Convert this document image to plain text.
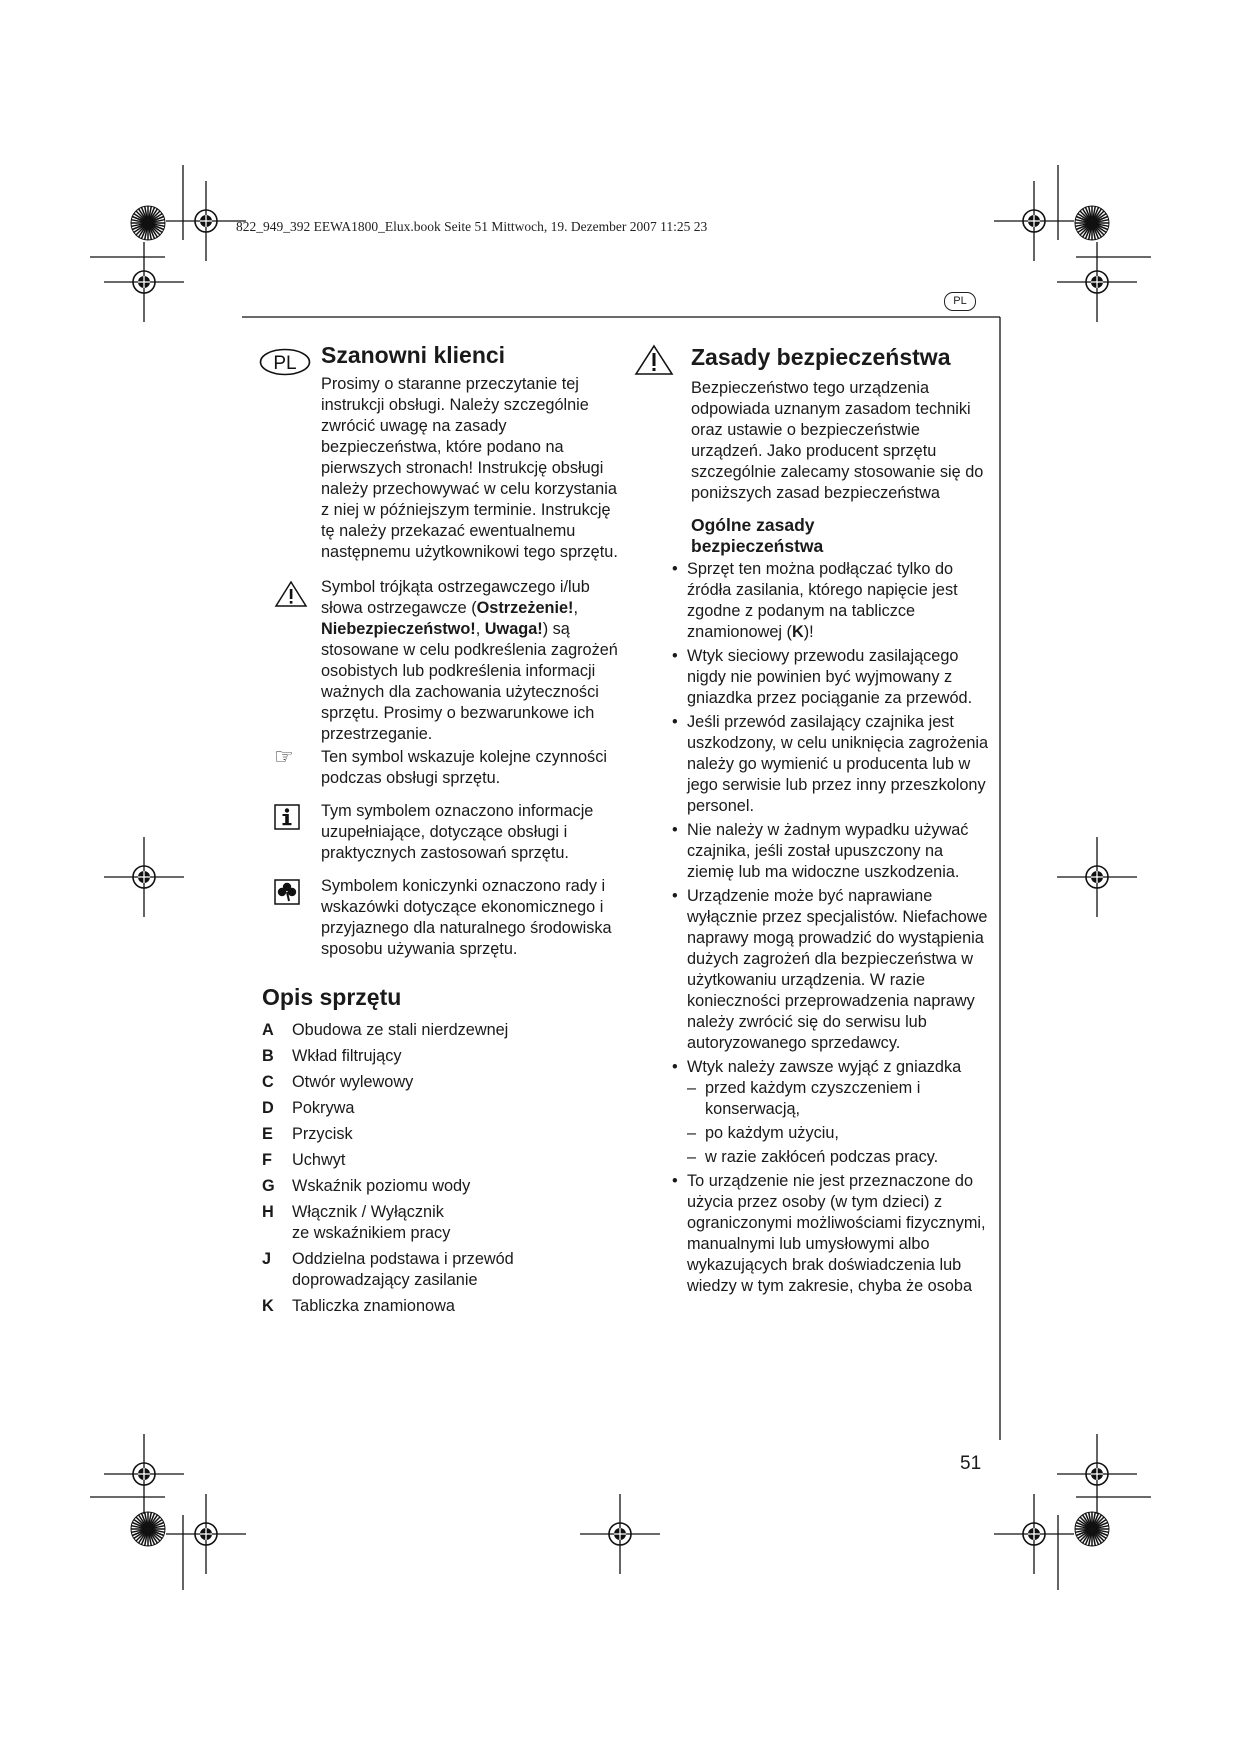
822_949_392 EEWA1800_Elux.book Seite 51 Mittwoch, 19. Dezember 2007 11:25 23
PL
PL Szanowni klienci
Prosimy o staranne przeczytanie tej instrukcji obsługi. Należy szczególnie zwrócić uwagę na zasady bezpieczeństwa, które podano na pierwszych stronach! Instrukcję obsługi należy przechowywać w celu korzystania z niej w późniejszym terminie. Instrukcję tę należy przekazać ewentualnemu następnemu użytkownikowi tego sprzętu.
Symbol trójkąta ostrzegawczego i/lub słowa ostrzegawcze (Ostrzeżenie!, Niebezpieczeństwo!, Uwaga!) są stosowane w celu podkreślenia zagrożeń osobistych lub podkreślenia informacji ważnych dla zachowania użyteczności sprzętu. Prosimy o bezwarunkowe ich przestrzeganie.
☞ Ten symbol wskazuje kolejne czynności podczas obsługi sprzętu.
Tym symbolem oznaczono informacje uzupełniające, dotyczące obsługi i praktycznych zastosowań sprzętu.
Symbolem koniczynki oznaczono rady i wskazówki dotyczące ekonomicznego i przyjaznego dla naturalnego środowiska sposobu używania sprzętu.
Opis sprzętu
A Obudowa ze stali nierdzewnej
B Wkład filtrujący
C Otwór wylewowy
D Pokrywa
E Przycisk
F Uchwyt
G Wskaźnik poziomu wody
H Włącznik / Wyłącznik
ze wskaźnikiem pracy
J Oddzielna podstawa i przewód doprowadzający zasilanie
K Tabliczka znamionowa
Zasady bezpieczeństwa
Bezpieczeństwo tego urządzenia odpowiada uznanym zasadom techniki oraz ustawie o bezpieczeństwie urządzeń. Jako producent sprzętu szczególnie zalecamy stosowanie się do poniższych zasad bezpieczeństwa
Ogólne zasady bezpieczeństwa
• Sprzęt ten można podłączać tylko do źródła zasilania, którego napięcie jest zgodne z podanym na tabliczce znamionowej (K)!
• Wtyk sieciowy przewodu zasilającego nigdy nie powinien być wyjmowany z gniazdka przez pociąganie za przewód.
• Jeśli przewód zasilający czajnika jest uszkodzony, w celu uniknięcia zagrożenia należy go wymienić u producenta lub w jego serwisie lub przez inny przeszkolony personel.
• Nie należy w żadnym wypadku używać czajnika, jeśli został upuszczony na ziemię lub ma widoczne uszkodzenia.
• Urządzenie może być naprawiane wyłącznie przez specjalistów. Niefachowe naprawy mogą prowadzić do wystąpienia dużych zagrożeń dla bezpieczeństwa w użytkowaniu urządzenia. W razie konieczności przeprowadzenia naprawy należy zwrócić się do serwisu lub autoryzowanego sprzedawcy.
• Wtyk należy zawsze wyjąć z gniazdka
– przed każdym czyszczeniem i konserwacją,
– po każdym użyciu,
– w razie zakłóceń podczas pracy.
• To urządzenie nie jest przeznaczone do użycia przez osoby (w tym dzieci) z ograniczonymi możliwościami fizycznymi, manualnymi lub umysłowymi albo wykazujących brak doświadczenia lub wiedzy w tym zakresie, chyba że osoba
51
